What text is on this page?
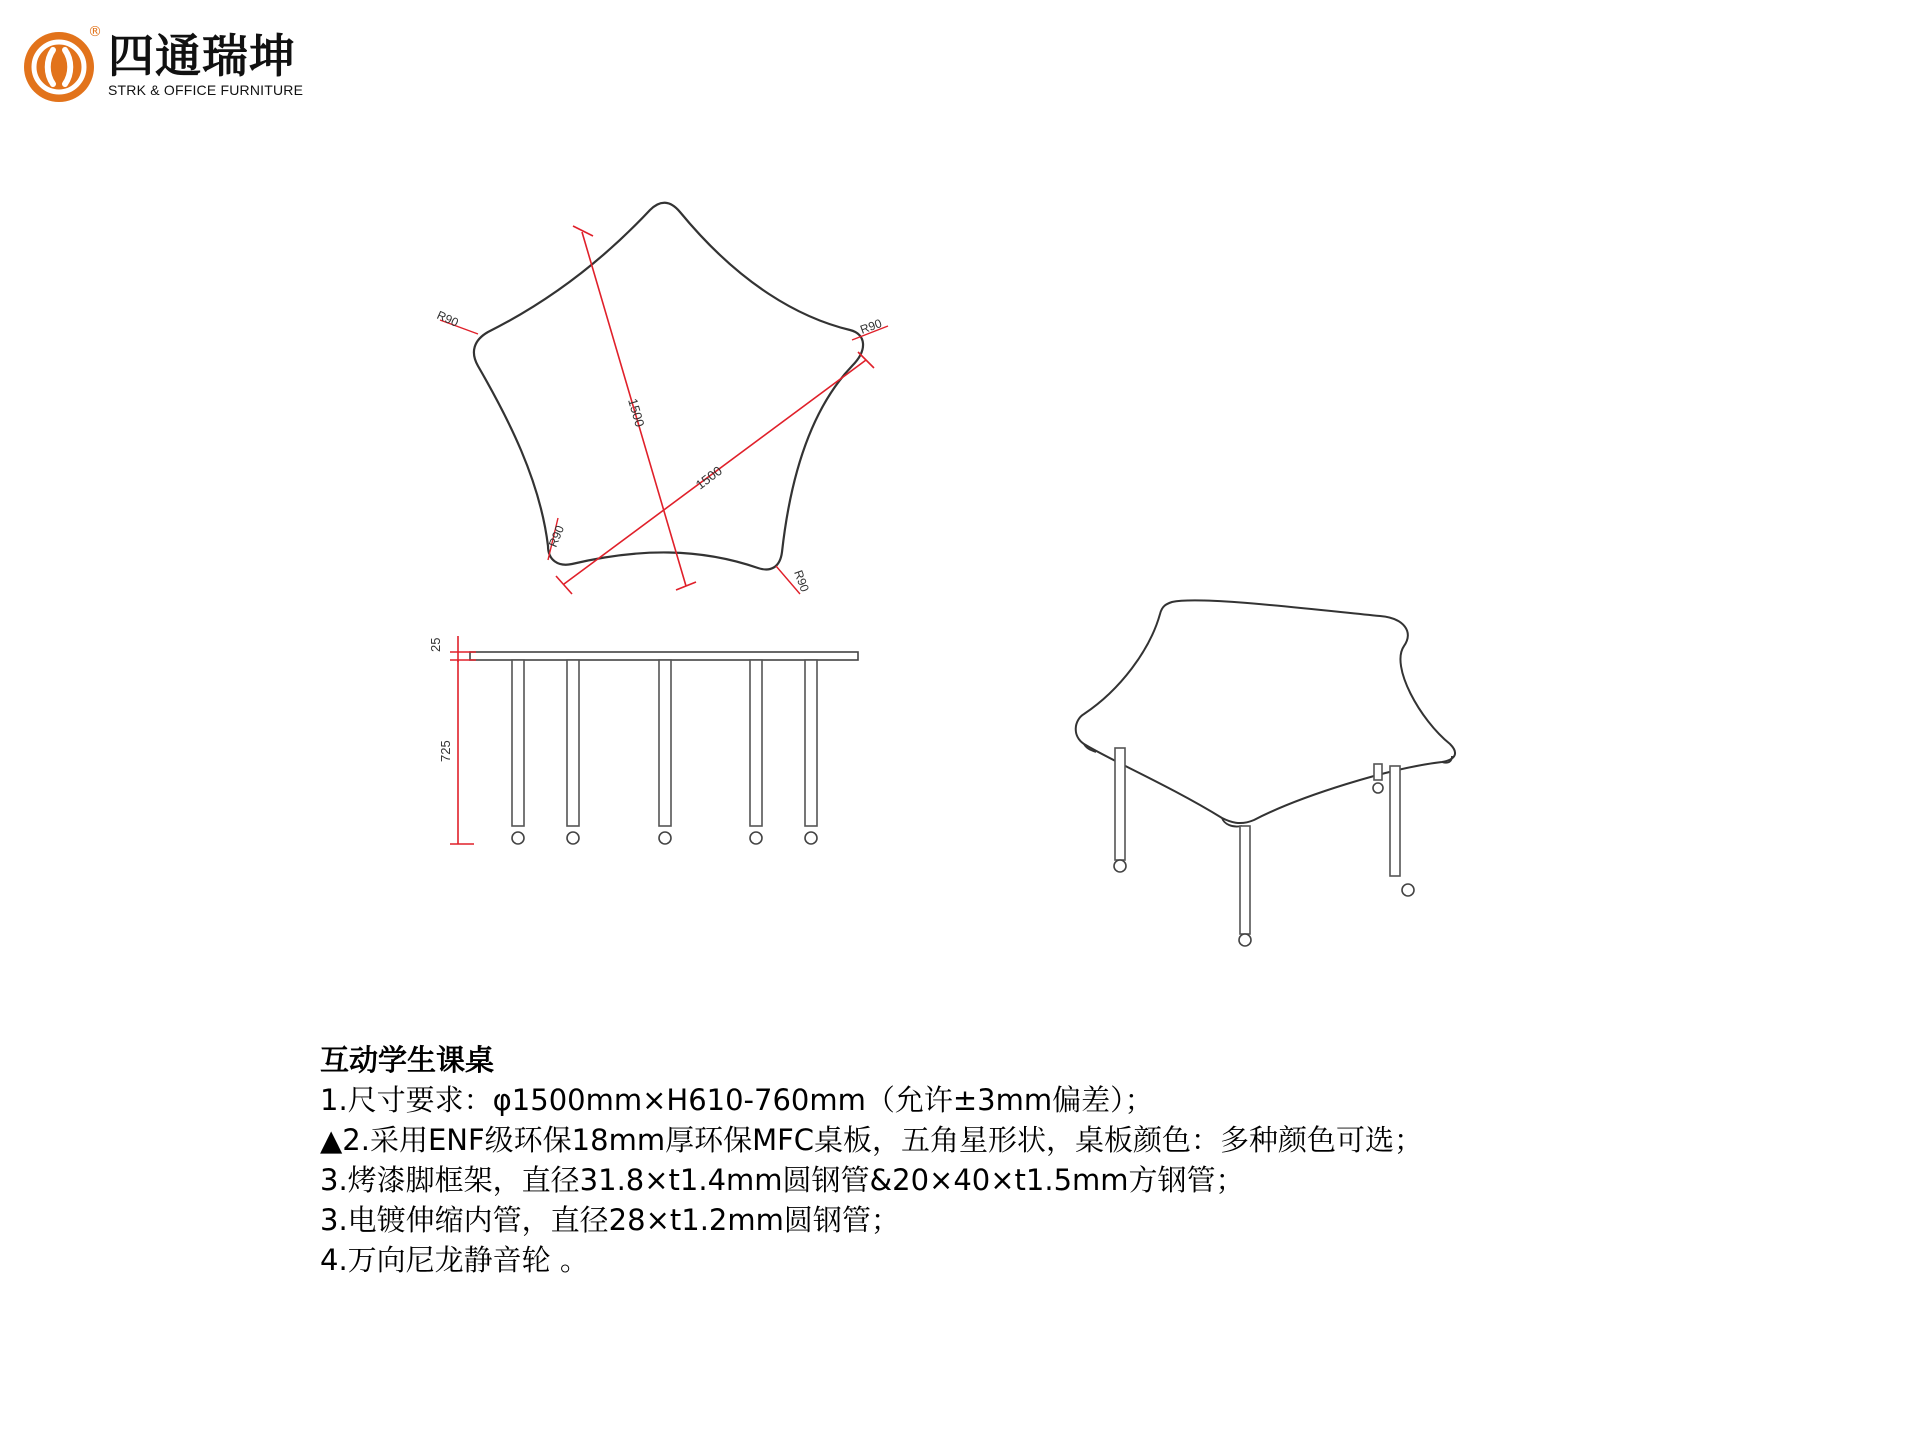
® 四通瑞坤
STRK & OFFICE FURNITURE
1500
1500
R90	R90
R90
R90
25
725

互动学生课桌

1.尺寸要求：φ1500mm×H610-760mm（允许±3mm偏差）；

▲2.采用ENF级环保18mm厚环保MFC桌板，五角星形状，桌板颜色：多种颜色可选；

3.烤漆脚框架，直径31.8×t1.4mm圆钢管&20×40×t1.5mm方钢管；

3.电镀伸缩内管，直径28×t1.2mm圆钢管；

4.万向尼龙静音轮 。
